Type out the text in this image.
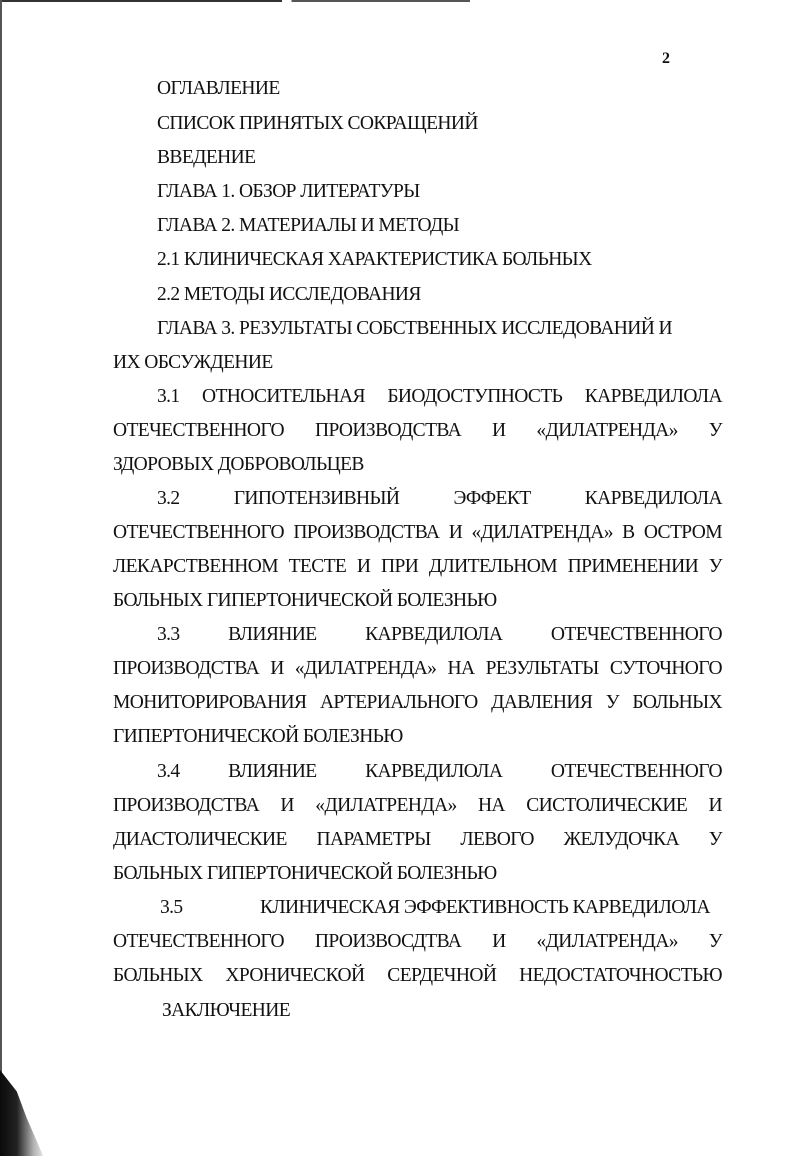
2
ОГЛАВЛЕНИЕ
СПИСОК ПРИНЯТЫХ СОКРАЩЕНИЙ
ВВЕДЕНИЕ
ГЛАВА 1. ОБЗОР ЛИТЕРАТУРЫ
ГЛАВА 2. МАТЕРИАЛЫ И МЕТОДЫ
2.1 КЛИНИЧЕСКАЯ ХАРАКТЕРИСТИКА БОЛЬНЫХ
2.2 МЕТОДЫ ИССЛЕДОВАНИЯ
ГЛАВА 3. РЕЗУЛЬТАТЫ СОБСТВЕННЫХ ИССЛЕДОВАНИЙ И
ИХ ОБСУЖДЕНИЕ
3.1 ОТНОСИТЕЛЬНАЯ БИОДОСТУПНОСТЬ КАРВЕДИЛОЛА
ОТЕЧЕСТВЕННОГО ПРОИЗВОДСТВА И «ДИЛАТРЕНДА» У
ЗДОРОВЫХ ДОБРОВОЛЬЦЕВ
3.2	ГИПОТЕНЗИВНЫЙ	ЭФФЕКТ	КАРВЕДИЛОЛА
ОТЕЧЕСТВЕННОГО ПРОИЗВОДСТВА И «ДИЛАТРЕНДА» В ОСТРОМ
ЛЕКАРСТВЕННОМ ТЕСТЕ И ПРИ ДЛИТЕЛЬНОМ ПРИМЕНЕНИИ У
БОЛЬНЫХ ГИПЕРТОНИЧЕСКОЙ БОЛЕЗНЬЮ
3.3 ВЛИЯНИЕ КАРВЕДИЛОЛА ОТЕЧЕСТВЕННОГО
ПРОИЗВОДСТВА И «ДИЛАТРЕНДА» НА РЕЗУЛЬТАТЫ СУТОЧНОГО
МОНИТОРИРОВАНИЯ АРТЕРИАЛЬНОГО ДАВЛЕНИЯ У БОЛЬНЫХ
ГИПЕРТОНИЧЕСКОЙ БОЛЕЗНЬЮ
3.4 ВЛИЯНИЕ КАРВЕДИЛОЛА ОТЕЧЕСТВЕННОГО
ПРОИЗВОДСТВА И «ДИЛАТРЕНДА» НА СИСТОЛИЧЕСКИЕ И
ДИАСТОЛИЧЕСКИЕ ПАРАМЕТРЫ ЛЕВОГО ЖЕЛУДОЧКА У
БОЛЬНЫХ ГИПЕРТОНИЧЕСКОЙ БОЛЕЗНЬЮ
3.5	КЛИНИЧЕСКАЯ ЭФФЕКТИВНОСТЬ КАРВЕДИЛОЛА
ОТЕЧЕСТВЕННОГО ПРОИЗВОСДТВА И «ДИЛАТРЕНДА» У
БОЛЬНЫХ ХРОНИЧЕСКОЙ СЕРДЕЧНОЙ НЕДОСТАТОЧНОСТЬЮ
ЗАКЛЮЧЕНИЕ
